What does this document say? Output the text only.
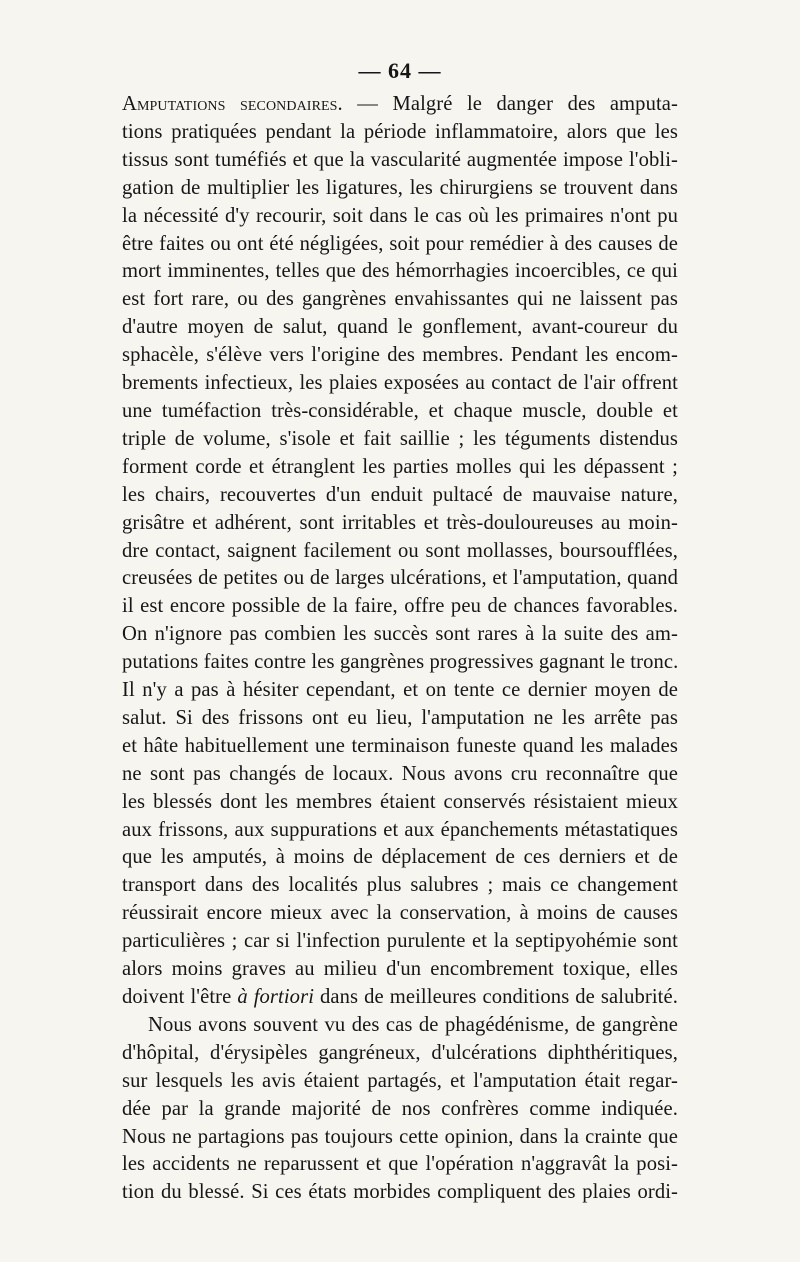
— 64 —
Amputations secondaires. — Malgré le danger des amputa-
tions pratiquées pendant la période inflammatoire, alors que les
tissus sont tuméfiés et que la vascularité augmentée impose l'obli-
gation de multiplier les ligatures, les chirurgiens se trouvent dans
la nécessité d'y recourir, soit dans le cas où les primaires n'ont pu
être faites ou ont été négligées, soit pour remédier à des causes de
mort imminentes, telles que des hémorrhagies incoercibles, ce qui
est fort rare, ou des gangrènes envahissantes qui ne laissent pas
d'autre moyen de salut, quand le gonflement, avant-coureur du
sphacèle, s'élève vers l'origine des membres. Pendant les encom-
brements infectieux, les plaies exposées au contact de l'air offrent
une tuméfaction très-considérable, et chaque muscle, double et
triple de volume, s'isole et fait saillie ; les téguments distendus
forment corde et étranglent les parties molles qui les dépassent ;
les chairs, recouvertes d'un enduit pultacé de mauvaise nature,
grisâtre et adhérent, sont irritables et très-douloureuses au moin-
dre contact, saignent facilement ou sont mollasses, boursoufflées,
creusées de petites ou de larges ulcérations, et l'amputation, quand
il est encore possible de la faire, offre peu de chances favorables.
On n'ignore pas combien les succès sont rares à la suite des am-
putations faites contre les gangrènes progressives gagnant le tronc.
Il n'y a pas à hésiter cependant, et on tente ce dernier moyen de
salut. Si des frissons ont eu lieu, l'amputation ne les arrête pas
et hâte habituellement une terminaison funeste quand les malades
ne sont pas changés de locaux. Nous avons cru reconnaître que
les blessés dont les membres étaient conservés résistaient mieux
aux frissons, aux suppurations et aux épanchements métastatiques
que les amputés, à moins de déplacement de ces derniers et de
transport dans des localités plus salubres ; mais ce changement
réussirait encore mieux avec la conservation, à moins de causes
particulières ; car si l'infection purulente et la septipyohémie sont
alors moins graves au milieu d'un encombrement toxique, elles
doivent l'être à fortiori dans de meilleures conditions de salubrité.
Nous avons souvent vu des cas de phagédénisme, de gangrène
d'hôpital, d'érysipèles gangréneux, d'ulcérations diphthéritiques,
sur lesquels les avis étaient partagés, et l'amputation était regar-
dée par la grande majorité de nos confrères comme indiquée.
Nous ne partagions pas toujours cette opinion, dans la crainte que
les accidents ne reparussent et que l'opération n'aggravât la posi-
tion du blessé. Si ces états morbides compliquent des plaies ordi-
